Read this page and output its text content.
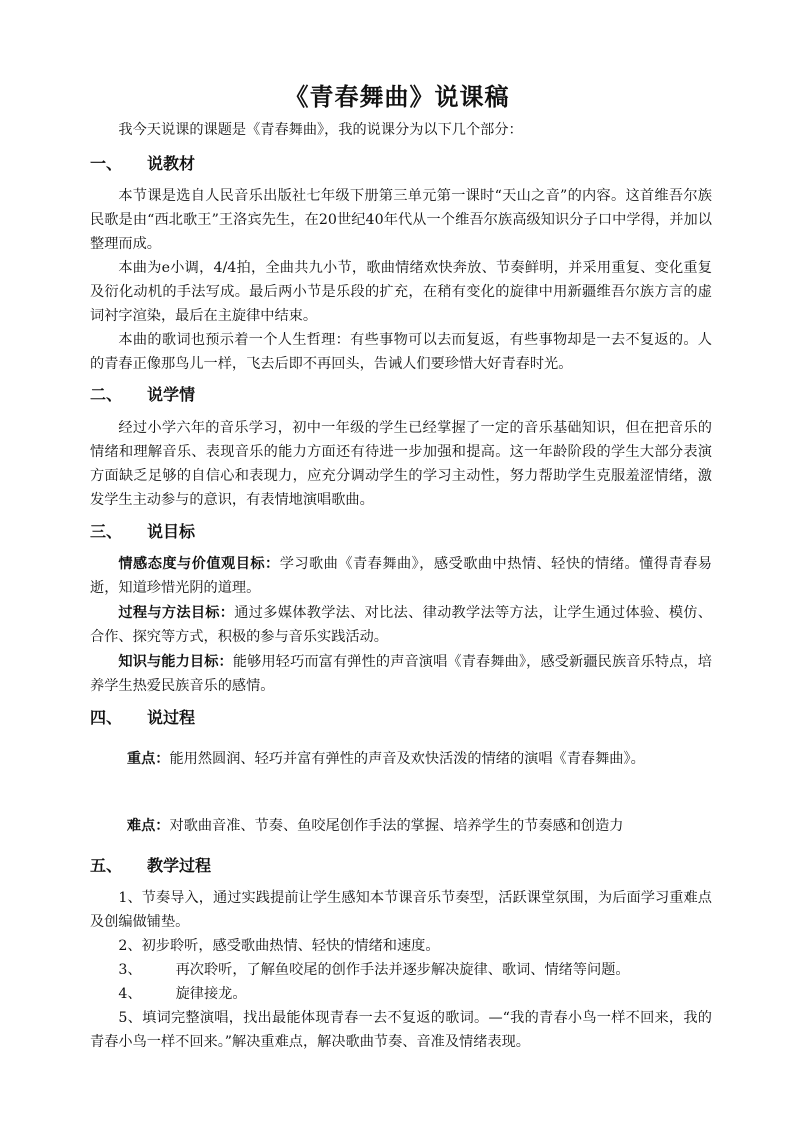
《青春舞曲》说课稿
我今天说课的课题是《青春舞曲》，我的说课分为以下几个部分：
一、 说教材
本节课是选自人民音乐出版社七年级下册第三单元第一课时“天山之音”的内容。这首维吾尔族民歌是由“西北歌王”王洛宾先生，在20世纪40年代从一个维吾尔族高级知识分子口中学得，并加以整理而成。
本曲为e小调，4/4拍，全曲共九小节，歌曲情绪欢快奔放、节奏鲜明，并采用重复、变化重复及衍化动机的手法写成。最后两小节是乐段的扩充，在稍有变化的旋律中用新疆维吾尔族方言的虚词衬字渲染，最后在主旋律中结束。
本曲的歌词也预示着一个人生哲理：有些事物可以去而复返，有些事物却是一去不复返的。人的青春正像那鸟儿一样，飞去后即不再回头，告诫人们要珍惜大好青春时光。
二、 说学情
经过小学六年的音乐学习，初中一年级的学生已经掌握了一定的音乐基础知识，但在把音乐的情绪和理解音乐、表现音乐的能力方面还有待进一步加强和提高。这一年龄阶段的学生大部分表演方面缺乏足够的自信心和表现力，应充分调动学生的学习主动性，努力帮助学生克服羞涩情绪，激发学生主动参与的意识，有表情地演唱歌曲。
三、 说目标
情感态度与价值观目标：学习歌曲《青春舞曲》，感受歌曲中热情、轻快的情绪。懂得青春易逝，知道珍惜光阴的道理。
过程与方法目标：通过多媒体教学法、对比法、律动教学法等方法，让学生通过体验、模仿、合作、探究等方式，积极的参与音乐实践活动。
知识与能力目标：能够用轻巧而富有弹性的声音演唱《青春舞曲》，感受新疆民族音乐特点，培养学生热爱民族音乐的感情。
四、 说过程
重点：能用然圆润、轻巧并富有弹性的声音及欢快活泼的情绪的演唱《青春舞曲》。
难点：对歌曲音准、节奏、鱼咬尾创作手法的掌握、培养学生的节奏感和创造力
五、 教学过程
1、节奏导入，通过实践提前让学生感知本节课音乐节奏型，活跃课堂氛围，为后面学习重难点及创编做铺垫。
2、初步聆听，感受歌曲热情、轻快的情绪和速度。
3、 再次聆听，了解鱼咬尾的创作手法并逐步解决旋律、歌词、情绪等问题。
4、 旋律接龙。
5、填词完整演唱，找出最能体现青春一去不复返的歌词。—“我的青春小鸟一样不回来，我的青春小鸟一样不回来。”解决重难点，解决歌曲节奏、音准及情绪表现。
